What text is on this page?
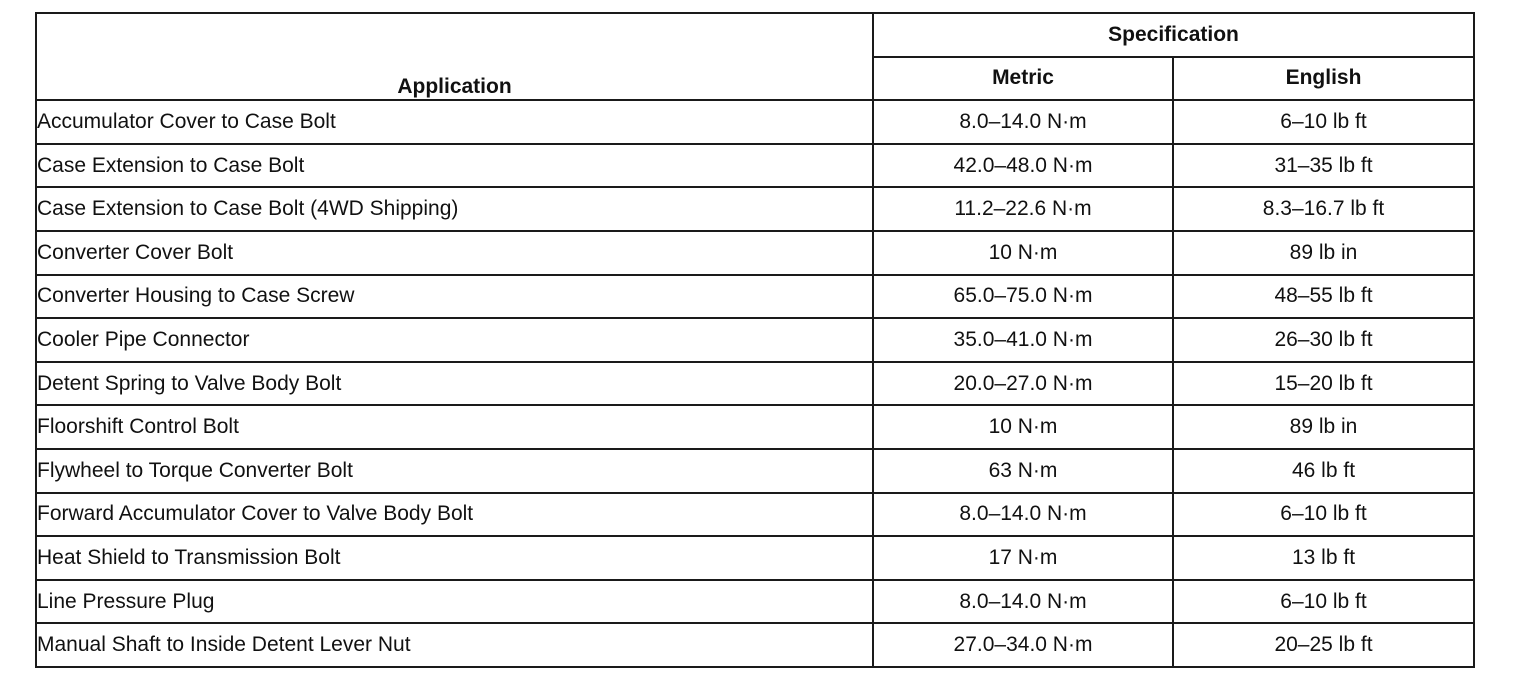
Application	Specification	
	Metric	English
Accumulator Cover to Case Bolt	8.0–14.0 N·m	6–10 lb ft
Case Extension to Case Bolt	42.0–48.0 N·m	31–35 lb ft
Case Extension to Case Bolt (4WD Shipping)	11.2–22.6 N·m	8.3–16.7 lb ft
Converter Cover Bolt	10 N·m	89 lb in
Converter Housing to Case Screw	65.0–75.0 N·m	48–55 lb ft
Cooler Pipe Connector	35.0–41.0 N·m	26–30 lb ft
Detent Spring to Valve Body Bolt	20.0–27.0 N·m	15–20 lb ft
Floorshift Control Bolt	10 N·m	89 lb in
Flywheel to Torque Converter Bolt	63 N·m	46 lb ft
Forward Accumulator Cover to Valve Body Bolt	8.0–14.0 N·m	6–10 lb ft
Heat Shield to Transmission Bolt	17 N·m	13 lb ft
Line Pressure Plug	8.0–14.0 N·m	6–10 lb ft
Manual Shaft to Inside Detent Lever Nut	27.0–34.0 N·m	20–25 lb ft
